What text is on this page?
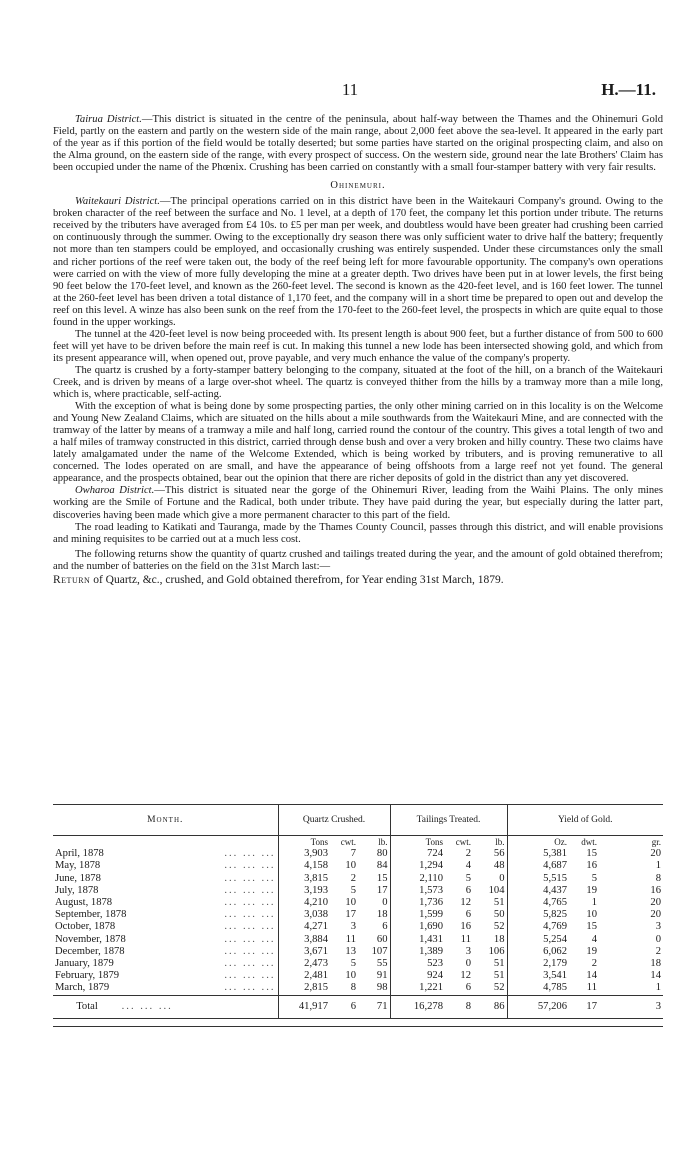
11	H.—11.

Tairua District.—This district is situated in the centre of the peninsula, about half-way between the Thames and the Ohinemuri Gold Field, partly on the eastern and partly on the western side of the main range, about 2,000 feet above the sea-level. It appeared in the early part of the year as if this portion of the field would be totally deserted; but some parties have started on the original prospecting claim, and also on the Alma ground, on the eastern side of the range, with every prospect of success. On the western side, ground near the late Brothers' Claim has been occupied under the name of the Phœnix. Crushing has been carried on constantly with a small four-stamper battery with very fair results.

Ohinemuri.

Waitekauri District.—The principal operations carried on in this district have been in the Waitekauri Company's ground. Owing to the broken character of the reef between the surface and No. 1 level, at a depth of 170 feet, the company let this portion under tribute. The returns received by the tributers have averaged from £4 10s. to £5 per man per week, and doubtless would have been greater had crushing been carried on continuously through the summer. Owing to the exceptionally dry season there was only sufficient water to drive half the battery; frequently not more than ten stampers could be employed, and occasionally crushing was entirely suspended. Under these circumstances only the small and richer portions of the reef were taken out, the body of the reef being left for more favourable opportunity. The company's own operations were carried on with the view of more fully developing the mine at a greater depth. Two drives have been put in at lower levels, the first being 90 feet below the 170-feet level, and known as the 260-feet level. The second is known as the 420-feet level, and is 160 feet lower. The tunnel at the 260-feet level has been driven a total distance of 1,170 feet, and the company will in a short time be prepared to open out and develop the reef on this level. A winze has also been sunk on the reef from the 170-feet to the 260-feet level, the prospects in which are quite equal to those found in the upper workings.

The tunnel at the 420-feet level is now being proceeded with. Its present length is about 900 feet, but a further distance of from 500 to 600 feet will yet have to be driven before the main reef is cut. In making this tunnel a new lode has been intersected showing gold, and which from its present appearance will, when opened out, prove payable, and very much enhance the value of the company's property.

The quartz is crushed by a forty-stamper battery belonging to the company, situated at the foot of the hill, on a branch of the Waitekauri Creek, and is driven by means of a large over-shot wheel. The quartz is conveyed thither from the hills by a tramway more than a mile long, which is, where practicable, self-acting.

With the exception of what is being done by some prospecting parties, the only other mining carried on in this locality is on the Welcome and Young New Zealand Claims, which are situated on the hills about a mile southwards from the Waitekauri Mine, and are connected with the tramway of the latter by means of a tramway a mile and half long, carried round the contour of the country. This gives a total length of two and a half miles of tramway constructed in this district, carried through dense bush and over a very broken and hilly country. These two claims have lately amalgamated under the name of the Welcome Extended, which is being worked by tributers, and is proving remunerative to all concerned. The lodes operated on are small, and have the appearance of being offshoots from a large reef not yet found. The general appearance, and the prospects obtained, bear out the opinion that there are richer deposits of gold in the district than any yet discovered.

Owharoa District.—This district is situated near the gorge of the Ohinemuri River, leading from the Waihi Plains. The only mines working are the Smile of Fortune and the Radical, both under tribute. They have paid during the year, but especially during the latter part, discoveries having been made which give a more permanent character to this part of the field.

The road leading to Katikati and Tauranga, made by the Thames County Council, passes through this district, and will enable provisions and mining requisites to be carried out at a much less cost.

The following returns show the quantity of quartz crushed and tailings treated during the year, and the amount of gold obtained therefrom; and the number of batteries on the field on the 31st March last:—

Return of Quartz, &c., crushed, and Gold obtained therefrom, for Year ending 31st March, 1879.

Month.	Quartz Crushed.			Tailings Treated.			Yield of Gold.		
	Tons	cwt.	lb.	Tons	cwt.	lb.	Oz.	dwt.	gr.
April, 1878 ... ... ...	3,903	7	80	724	2	56	5,381	15	20
May, 1878 ... ... ...	4,158	10	84	1,294	4	48	4,687	16	1
June, 1878 ... ... ...	3,815	2	15	2,110	5	0	5,515	5	8
July, 1878 ... ... ...	3,193	5	17	1,573	6	104	4,437	19	16
August, 1878 ... ... ...	4,210	10	0	1,736	12	51	4,765	1	20
September, 1878 ... ... ...	3,038	17	18	1,599	6	50	5,825	10	20
October, 1878 ... ... ...	4,271	3	6	1,690	16	52	4,769	15	3
November, 1878 ... ... ...	3,884	11	60	1,431	11	18	5,254	4	0
December, 1878 ... ... ...	3,671	13	107	1,389	3	106	6,062	19	2
January, 1879 ... ... ...	2,473	5	55	523	0	51	2,179	2	18
February, 1879 ... ... ...	2,481	10	91	924	12	51	3,541	14	14
March, 1879 ... ... ...	2,815	8	98	1,221	6	52	4,785	11	1
Total ... ... ...	41,917	6	71	16,278	8	86	57,206	17	3
